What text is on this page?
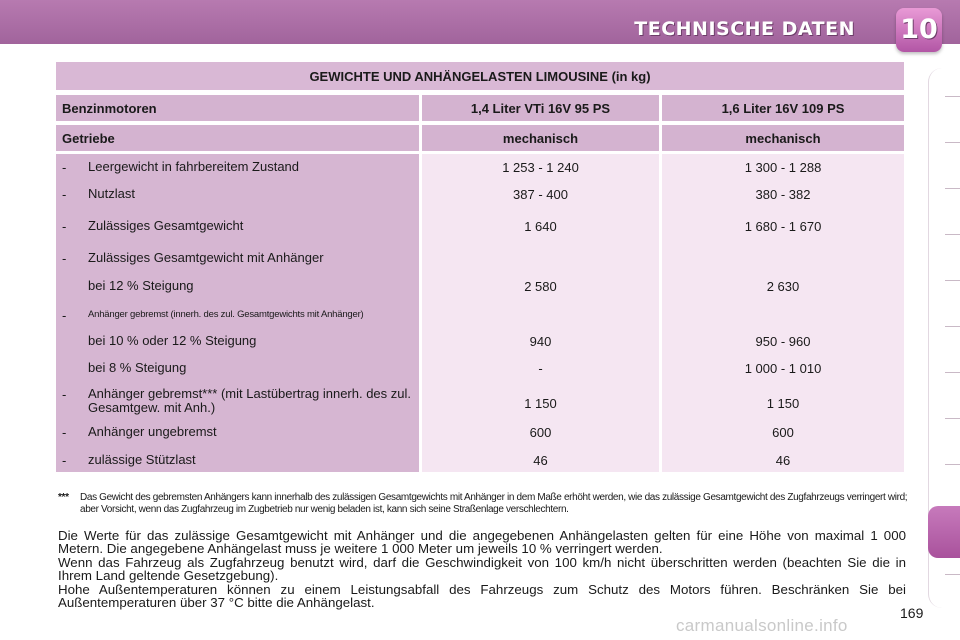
TECHNISCHE DATEN 10
GEWICHTE UND ANHÄNGELASTEN LIMOUSINE (in kg)
Benzinmotoren	1,4 Liter VTi 16V 95 PS	1,6 Liter 16V 109 PS
Getriebe	mechanisch	mechanisch
- Leergewicht in fahrbereitem Zustand	1 253 - 1 240	1 300 - 1 288
- Nutzlast	387 - 400	380 - 382
- Zulässiges Gesamtgewicht	1 640	1 680 - 1 670
- Zulässiges Gesamtgewicht mit Anhänger
bei 12 % Steigung	2 580	2 630
- Anhänger gebremst (innerh. des zul. Gesamtgewichts mit Anhänger)
bei 10 % oder 12 % Steigung	940	950 - 960
bei 8 % Steigung	-	1 000 - 1 010
- Anhänger gebremst*** (mit Lastübertrag innerh. des zul. Gesamtgew. mit Anh.)	1 150	1 150
- Anhänger ungebremst	600	600
- zulässige Stützlast	46	46
*** Das Gewicht des gebremsten Anhängers kann innerhalb des zulässigen Gesamtgewichts mit Anhänger in dem Maße erhöht werden, wie das zulässige Gesamtgewicht des Zugfahrzeugs verringert wird; aber Vorsicht, wenn das Zugfahrzeug im Zugbetrieb nur wenig beladen ist, kann sich seine Straßenlage verschlechtern.

Die Werte für das zulässige Gesamtgewicht mit Anhänger und die angegebenen Anhängelasten gelten für eine Höhe von maximal 1 000 Metern. Die angegebene Anhängelast muss je weitere 1 000 Meter um jeweils 10 % verringert werden.

Wenn das Fahrzeug als Zugfahrzeug benutzt wird, darf die Geschwindigkeit von 100 km/h nicht überschritten werden (beachten Sie die in Ihrem Land geltende Gesetzgebung).

Hohe Außentemperaturen können zu einem Leistungsabfall des Fahrzeugs zum Schutz des Motors führen. Beschränken Sie bei Außentemperaturen über 37 °C bitte die Anhängelast.

169
carmanualsonline.info
